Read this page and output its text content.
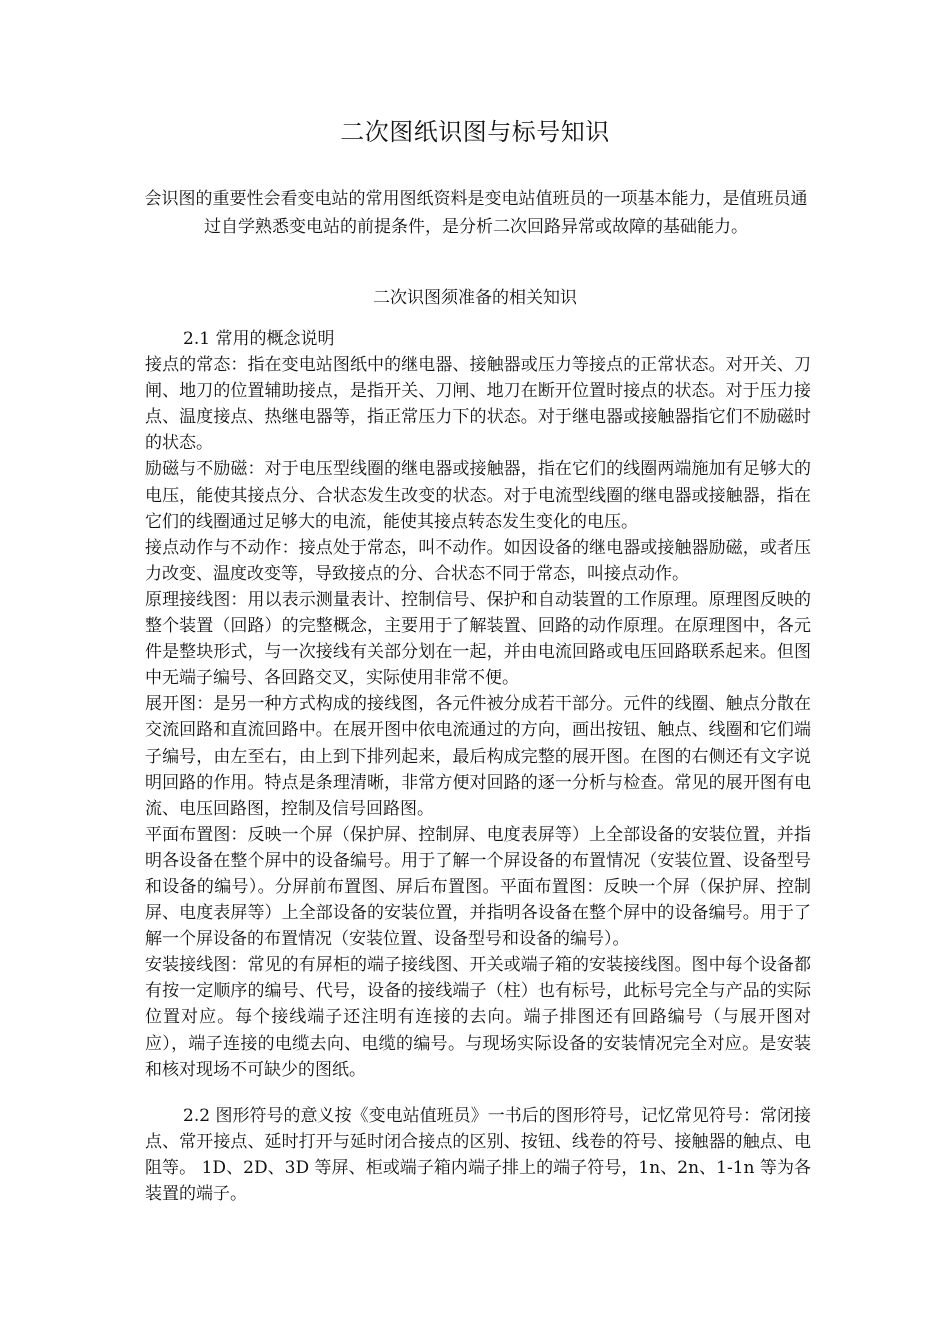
二次图纸识图与标号知识
会识图的重要性会看变电站的常用图纸资料是变电站值班员的一项基本能力，是值班员通过自学熟悉变电站的前提条件，是分析二次回路异常或故障的基础能力。
二次识图须准备的相关知识

2.1 常用的概念说明

接点的常态：指在变电站图纸中的继电器、接触器或压力等接点的正常状态。对开关、刀闸、地刀的位置辅助接点，是指开关、刀闸、地刀在断开位置时接点的状态。对于压力接点、温度接点、热继电器等，指正常压力下的状态。对于继电器或接触器指它们不励磁时的状态。

励磁与不励磁：对于电压型线圈的继电器或接触器，指在它们的线圈两端施加有足够大的电压，能使其接点分、合状态发生改变的状态。对于电流型线圈的继电器或接触器，指在它们的线圈通过足够大的电流，能使其接点转态发生变化的电压。

接点动作与不动作：接点处于常态，叫不动作。如因设备的继电器或接触器励磁，或者压力改变、温度改变等，导致接点的分、合状态不同于常态，叫接点动作。

原理接线图：用以表示测量表计、控制信号、保护和自动装置的工作原理。原理图反映的整个装置（回路）的完整概念，主要用于了解装置、回路的动作原理。在原理图中，各元件是整块形式，与一次接线有关部分划在一起，并由电流回路或电压回路联系起来。但图中无端子编号、各回路交叉，实际使用非常不便。

展开图：是另一种方式构成的接线图，各元件被分成若干部分。元件的线圈、触点分散在交流回路和直流回路中。在展开图中依电流通过的方向，画出按钮、触点、线圈和它们端子编号，由左至右，由上到下排列起来，最后构成完整的展开图。在图的右侧还有文字说明回路的作用。特点是条理清晰，非常方便对回路的逐一分析与检查。常见的展开图有电流、电压回路图，控制及信号回路图。

平面布置图：反映一个屏（保护屏、控制屏、电度表屏等）上全部设备的安装位置，并指明各设备在整个屏中的设备编号。用于了解一个屏设备的布置情况（安装位置、设备型号和设备的编号）。分屏前布置图、屏后布置图。平面布置图：反映一个屏（保护屏、控制屏、电度表屏等）上全部设备的安装位置，并指明各设备在整个屏中的设备编号。用于了解一个屏设备的布置情况（安装位置、设备型号和设备的编号）。

安装接线图：常见的有屏柜的端子接线图、开关或端子箱的安装接线图。图中每个设备都有按一定顺序的编号、代号，设备的接线端子（柱）也有标号，此标号完全与产品的实际位置对应。每个接线端子还注明有连接的去向。端子排图还有回路编号（与展开图对应），端子连接的电缆去向、电缆的编号。与现场实际设备的安装情况完全对应。是安装和核对现场不可缺少的图纸。

2.2 图形符号的意义按《变电站值班员》一书后的图形符号，记忆常见符号：常闭接点、常开接点、延时打开与延时闭合接点的区别、按钮、线卷的符号、接触器的触点、电阻等。 1D、2D、3D 等屏、柜或端子箱内端子排上的端子符号，1n、2n、1-1n 等为各装置的端子。
